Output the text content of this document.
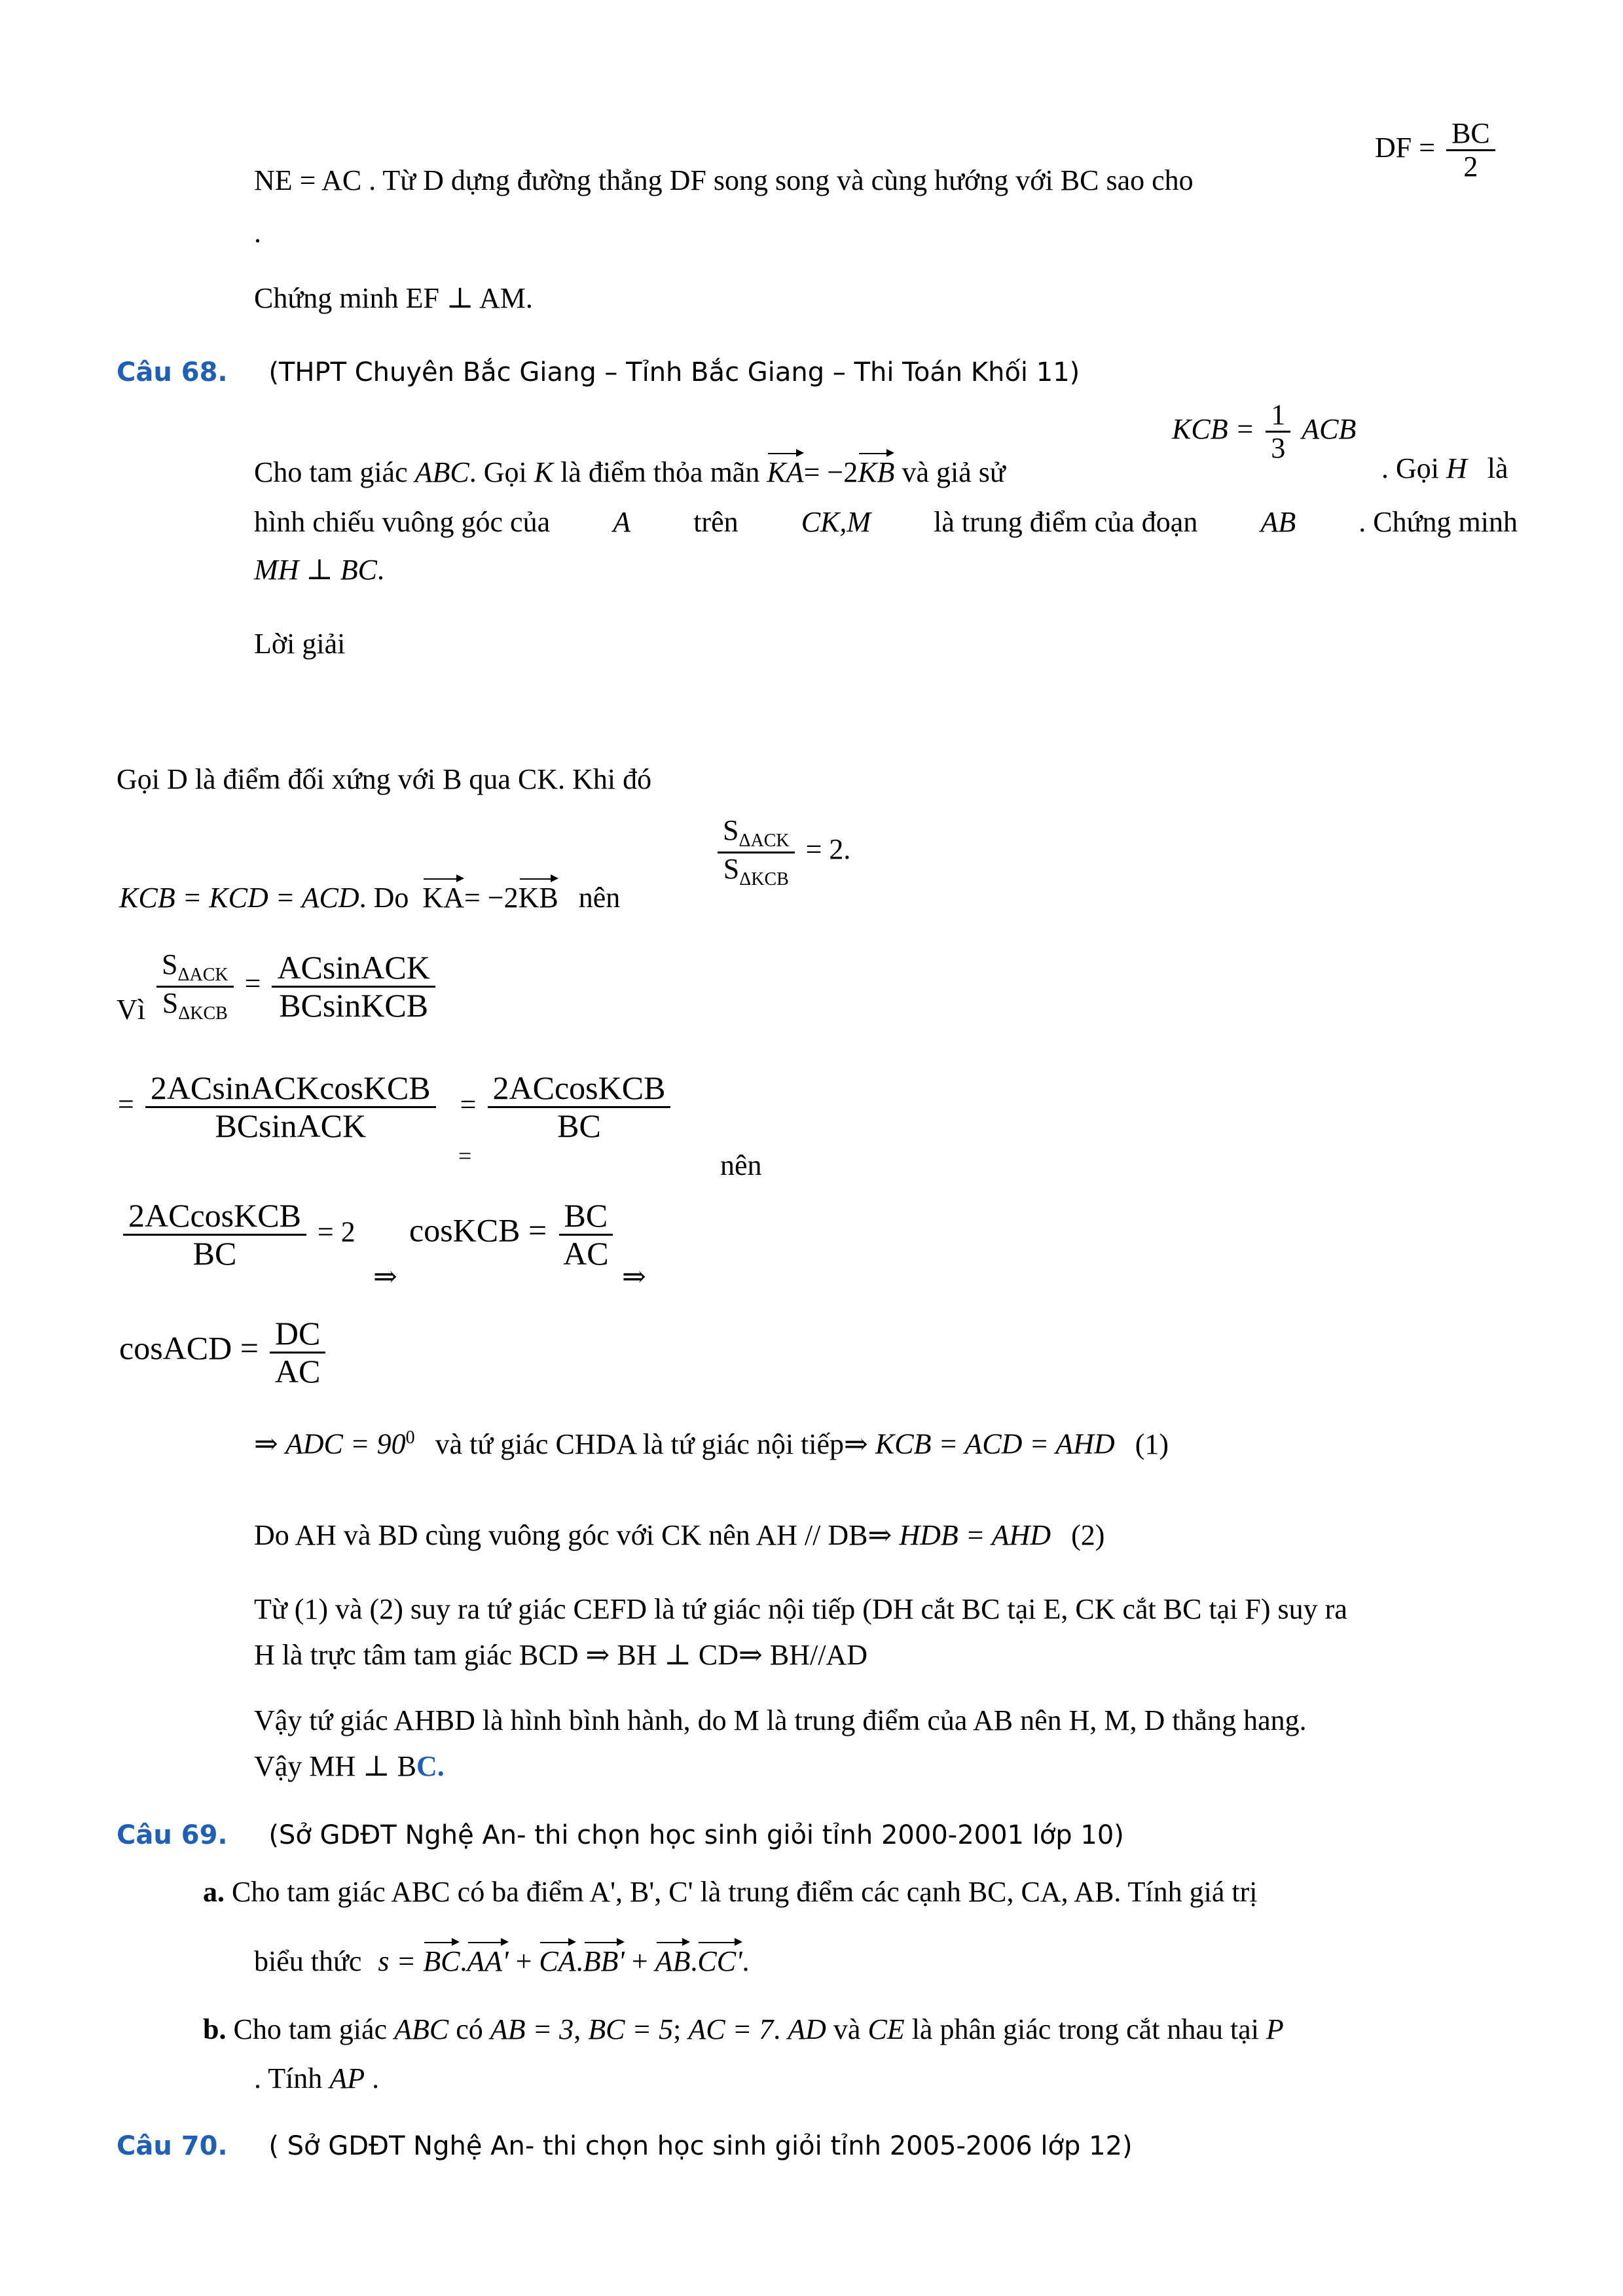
NE = AC . Từ D dựng đường thẳng DF song song và cùng hướng với BC sao cho
DF = $\frac{BC}{2}$
.
Chứng minh EF ⊥ AM.
Câu 68. (THPT Chuyên Bắc Giang – Tỉnh Bắc Giang – Thi Toán Khối 11)
Cho tam giác ABC. Gọi K là điểm thỏa mãn KA= −2KB và giả sử
KCB = $\frac{1}{3}$ ACB
. Gọi H là
hình chiếu vuông góc của A trên CK,M là trung điểm của đoạn AB . Chứng minh
MH ⊥ BC.
Lời giải
Gọi D là điểm đối xứng với B qua CK. Khi đó
KCB = KCD = ACD. Do KA= −2KB nên
$\frac{S_{\Delta ACK}}{S_{\Delta KCB}} = 2$.
Vì $\frac{S_{\Delta ACK}}{S_{\Delta KCB}} = \frac{\text{ACsinACK}}{\text{BCsinKCB}}$
= $\frac{\text{2ACsinACKcosKCB}}{\text{BCsinACK}} = \frac{\text{2ACcosKCB}}{BC}$
=	nên
$\frac{\text{2ACcosKCB}}{BC} = 2$
⇒
cosKCB = $\frac{BC}{AC}$
⇒
cosACD = $\frac{DC}{AC}$
⇒ ADC = $90^0$ và tứ giác CHDA là tứ giác nội tiếp⇒ KCB = ACD = AHD (1)
Do AH và BD cùng vuông góc với CK nên AH // DB⇒ HDB = AHD (2)
Từ (1) và (2) suy ra tứ giác CEFD là tứ giác nội tiếp (DH cắt BC tại E, CK cắt BC tại F) suy ra
H là trực tâm tam giác BCD ⇒ BH ⊥ CD⇒ BH//AD
Vậy tứ giác AHBD là hình bình hành, do M là trung điểm của AB nên H, M, D thẳng hang.
Vậy MH ⊥ BC.
Câu 69. (Sở GDĐT Nghệ An- thi chọn học sinh giỏi tỉnh 2000-2001 lớp 10)
a. Cho tam giác ABC có ba điểm A', B', C' là trung điểm các cạnh BC, CA, AB. Tính giá trị
biểu thức s = BC.AA' + CA.BB' + AB.CC'.
b. Cho tam giác ABC có AB = 3, BC = 5; AC = 7. AD và CE là phân giác trong cắt nhau tại P
. Tính AP .
Câu 70. ( Sở GDĐT Nghệ An- thi chọn học sinh giỏi tỉnh 2005-2006 lớp 12)
